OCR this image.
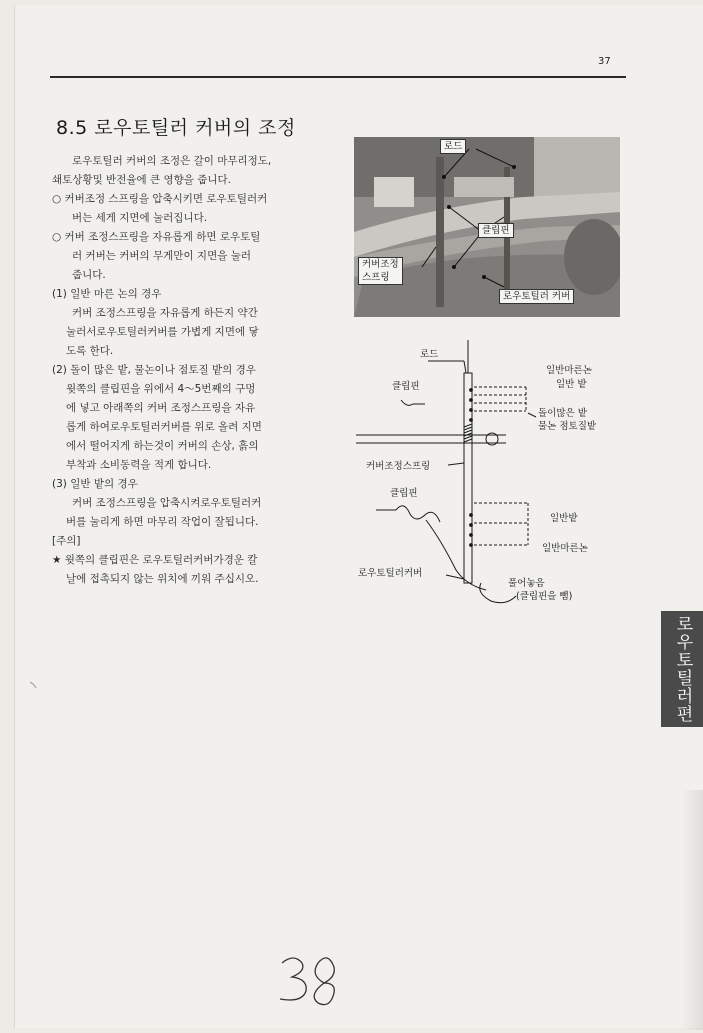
37
8.5 로우토틸러 커버의 조정

로우토틸러 커버의 조정은 갈이 마무리정도,

쇄토상황및 반전율에 큰 영향을 줍니다.

○ 커버조정 스프링을 압축시키면 로우토틸러커

버는 세게 지면에 눌러집니다.

○ 커버 조정스프링을 자유롭게 하면 로우토틸

러 커버는 커버의 무게만이 지면을 눌러

줍니다.

(1) 일반 마른 논의 경우

커버 조정스프링을 자유롭게 하든지 약간

눌러서로우토틸러커버를 가볍게 지면에 닿

도록 한다.

(2) 돌이 많은 밭, 물논이나 점토질 밭의 경우

윗쪽의 클립핀을 위에서 4～5번째의 구멍

에 넣고 아래쪽의 커버 조정스프링을 자유

롭게 하여로우토틸러커버를 위로 올려 지면

에서 떨어지게 하는것이 커버의 손상, 흙의

부착과 소비동력을 적게 합니다.

(3) 일반 밭의 경우

커버 조정스프링을 압축시켜로우토틸러커

버를 눌리게 하면 마무리 작업이 잘됩니다.

[주의]

★ 윗쪽의 클립핀은 로우토틸러커버가경운 칼

날에 접촉되지 않는 위치에 끼워 주십시오.

로드
클립핀
커버조정
스프링
로우토틸러 커버
로드
클립핀
일반마른논
일반 밭
돌이많은 밭
물논 점토질밭
커버조정스프링
클립핀
일반밭
일반마른논
로우토틸러커버
풀어놓음
(클립핀을 뺌)
로우토틸러편
